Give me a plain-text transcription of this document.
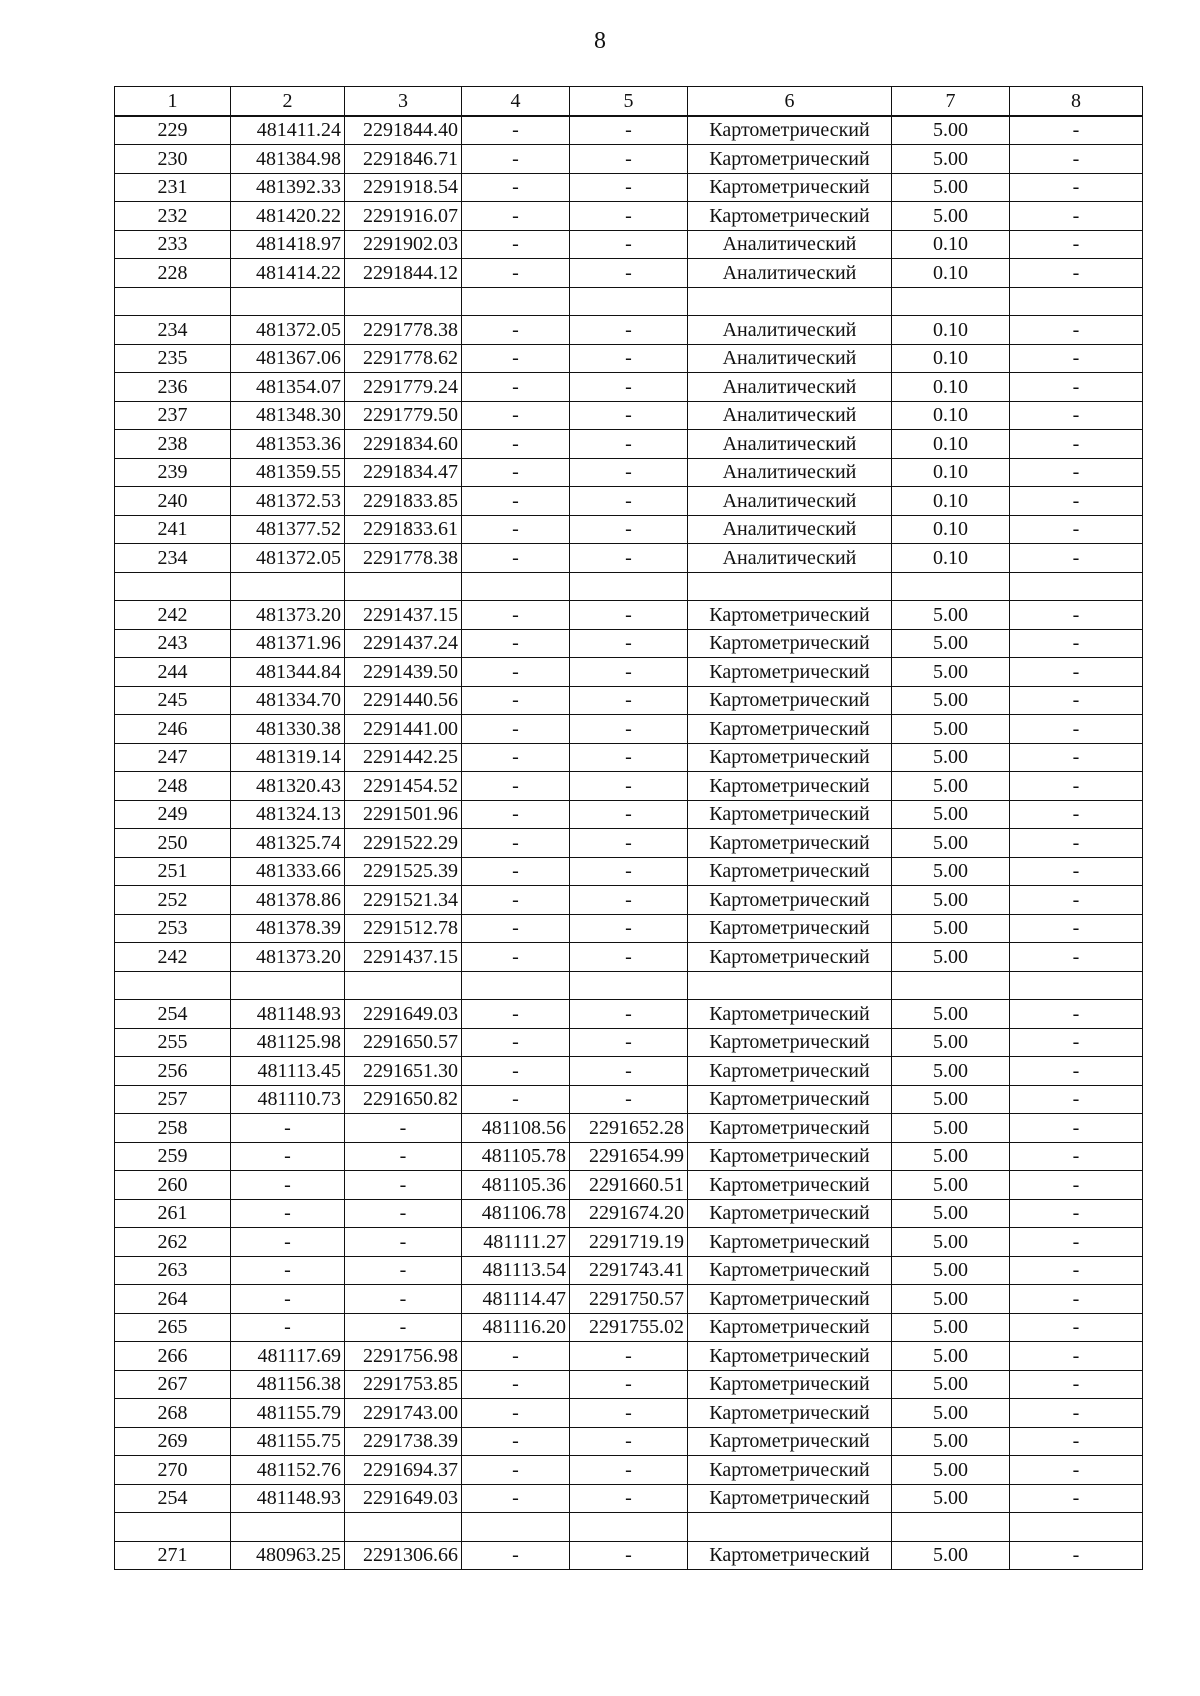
8
1	2	3	4	5	6	7	8
229	481411.24	2291844.40	-	-	Картометрический	5.00	-
230	481384.98	2291846.71	-	-	Картометрический	5.00	-
231	481392.33	2291918.54	-	-	Картометрический	5.00	-
232	481420.22	2291916.07	-	-	Картометрический	5.00	-
233	481418.97	2291902.03	-	-	Аналитический	0.10	-
228	481414.22	2291844.12	-	-	Аналитический	0.10	-

234	481372.05	2291778.38	-	-	Аналитический	0.10	-
235	481367.06	2291778.62	-	-	Аналитический	0.10	-
236	481354.07	2291779.24	-	-	Аналитический	0.10	-
237	481348.30	2291779.50	-	-	Аналитический	0.10	-
238	481353.36	2291834.60	-	-	Аналитический	0.10	-
239	481359.55	2291834.47	-	-	Аналитический	0.10	-
240	481372.53	2291833.85	-	-	Аналитический	0.10	-
241	481377.52	2291833.61	-	-	Аналитический	0.10	-
234	481372.05	2291778.38	-	-	Аналитический	0.10	-

242	481373.20	2291437.15	-	-	Картометрический	5.00	-
243	481371.96	2291437.24	-	-	Картометрический	5.00	-
244	481344.84	2291439.50	-	-	Картометрический	5.00	-
245	481334.70	2291440.56	-	-	Картометрический	5.00	-
246	481330.38	2291441.00	-	-	Картометрический	5.00	-
247	481319.14	2291442.25	-	-	Картометрический	5.00	-
248	481320.43	2291454.52	-	-	Картометрический	5.00	-
249	481324.13	2291501.96	-	-	Картометрический	5.00	-
250	481325.74	2291522.29	-	-	Картометрический	5.00	-
251	481333.66	2291525.39	-	-	Картометрический	5.00	-
252	481378.86	2291521.34	-	-	Картометрический	5.00	-
253	481378.39	2291512.78	-	-	Картометрический	5.00	-
242	481373.20	2291437.15	-	-	Картометрический	5.00	-

254	481148.93	2291649.03	-	-	Картометрический	5.00	-
255	481125.98	2291650.57	-	-	Картометрический	5.00	-
256	481113.45	2291651.30	-	-	Картометрический	5.00	-
257	481110.73	2291650.82	-	-	Картометрический	5.00	-
258	-	-	481108.56	2291652.28	Картометрический	5.00	-
259	-	-	481105.78	2291654.99	Картометрический	5.00	-
260	-	-	481105.36	2291660.51	Картометрический	5.00	-
261	-	-	481106.78	2291674.20	Картометрический	5.00	-
262	-	-	481111.27	2291719.19	Картометрический	5.00	-
263	-	-	481113.54	2291743.41	Картометрический	5.00	-
264	-	-	481114.47	2291750.57	Картометрический	5.00	-
265	-	-	481116.20	2291755.02	Картометрический	5.00	-
266	481117.69	2291756.98	-	-	Картометрический	5.00	-
267	481156.38	2291753.85	-	-	Картометрический	5.00	-
268	481155.79	2291743.00	-	-	Картометрический	5.00	-
269	481155.75	2291738.39	-	-	Картометрический	5.00	-
270	481152.76	2291694.37	-	-	Картометрический	5.00	-
254	481148.93	2291649.03	-	-	Картометрический	5.00	-

271	480963.25	2291306.66	-	-	Картометрический	5.00	-
